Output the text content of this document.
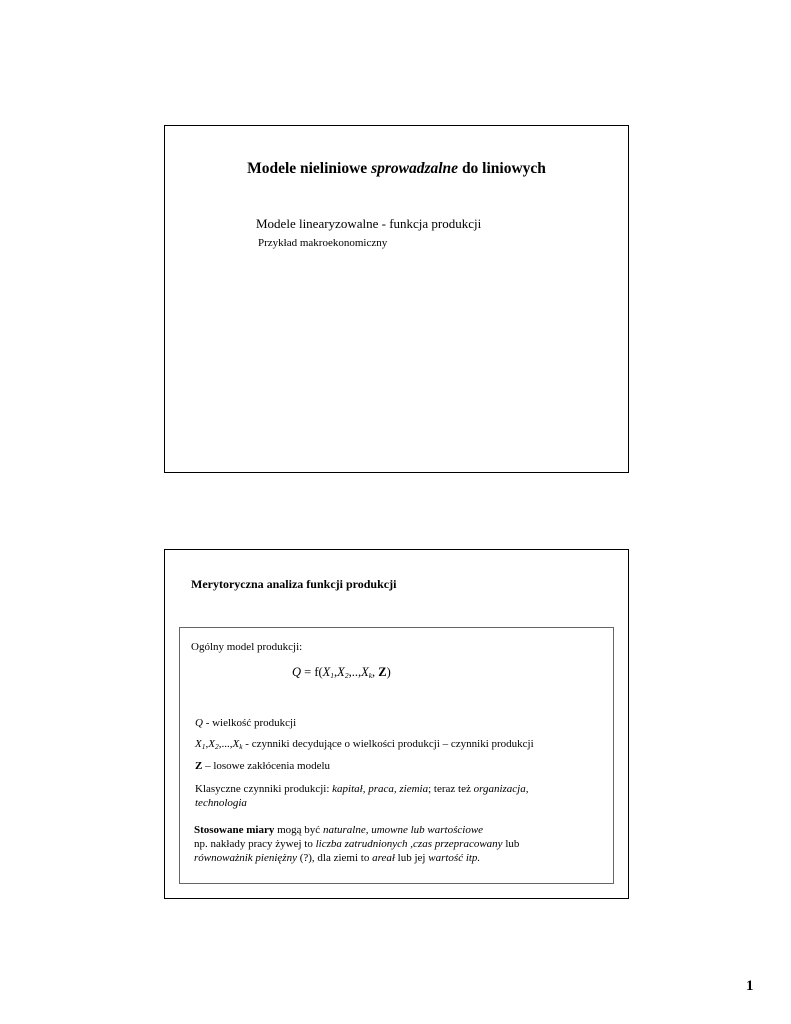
Modele nieliniowe sprowadzalne do liniowych
Modele linearyzowalne - funkcja produkcji
Przykład makroekonomiczny
Merytoryczna analiza funkcji produkcji
Ogólny model produkcji:
$Q = f(X_1,X_2,..,X_k$, Z)
Q - wielkość produkcji
$X_1,X_2,...,X_k$ - czynniki decydujące o wielkości produkcji – czynniki produkcji
Z – losowe zakłócenia modelu
Klasyczne czynniki produkcji: kapitał, praca, ziemia; teraz też organizacja, technologia
Stosowane miary mogą być naturalne, umowne lub wartościowe
np. nakłady pracy żywej to liczba zatrudnionych ,czas przepracowany lub
równoważnik pieniężny (?), dla ziemi to areał lub jej wartość itp.
1
